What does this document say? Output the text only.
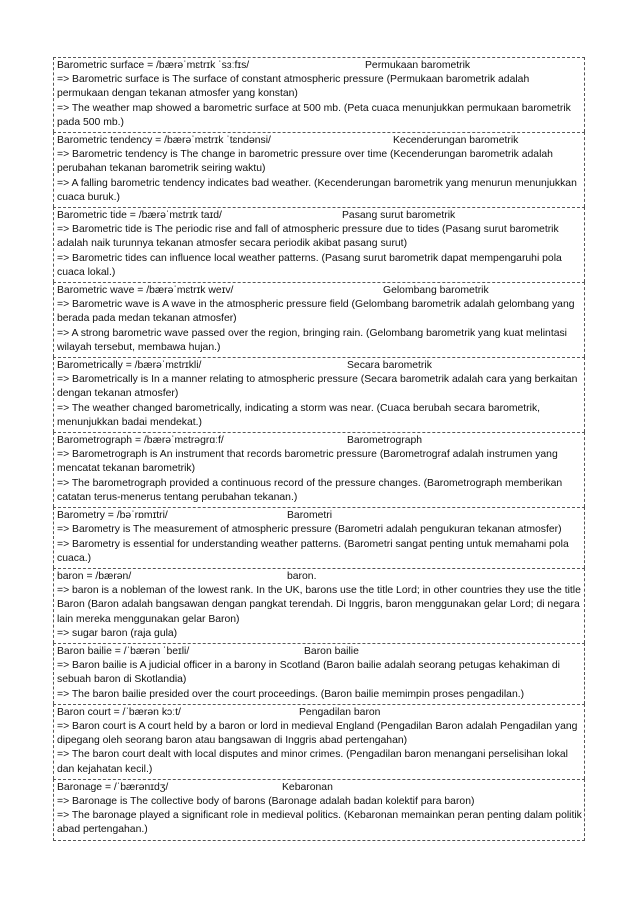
Barometric surface = /bærəˈmɛtrɪk ˈsɜːfɪs/	Permukaan barometrik
=> Barometric surface is The surface of constant atmospheric pressure (Permukaan barometrik adalah permukaan dengan tekanan atmosfer yang konstan)
=> The weather map showed a barometric surface at 500 mb. (Peta cuaca menunjukkan permukaan barometrik pada 500 mb.)
Barometric tendency = /bærəˈmɛtrɪk ˈtɛndənsi/	Kecenderungan barometrik
=> Barometric tendency is The change in barometric pressure over time (Kecenderungan barometrik adalah perubahan tekanan barometrik seiring waktu)
=> A falling barometric tendency indicates bad weather. (Kecenderungan barometrik yang menurun menunjukkan cuaca buruk.)
Barometric tide = /bærəˈmɛtrɪk taɪd/	Pasang surut barometrik
=> Barometric tide is The periodic rise and fall of atmospheric pressure due to tides (Pasang surut barometrik adalah naik turunnya tekanan atmosfer secara periodik akibat pasang surut)
=> Barometric tides can influence local weather patterns. (Pasang surut barometrik dapat mempengaruhi pola cuaca lokal.)
Barometric wave = /bærəˈmɛtrɪk weɪv/	Gelombang barometrik
=> Barometric wave is A wave in the atmospheric pressure field (Gelombang barometrik adalah gelombang yang berada pada medan tekanan atmosfer)
=> A strong barometric wave passed over the region, bringing rain. (Gelombang barometrik yang kuat melintasi wilayah tersebut, membawa hujan.)
Barometrically = /bærəˈmɛtrɪkli/	Secara barometrik
=> Barometrically is In a manner relating to atmospheric pressure (Secara barometrik adalah cara yang berkaitan dengan tekanan atmosfer)
=> The weather changed barometrically, indicating a storm was near. (Cuaca berubah secara barometrik, menunjukkan badai mendekat.)
Barometrograph = /bærəˈmɛtrəgrɑːf/	Barometrograph
=> Barometrograph is An instrument that records barometric pressure (Barometrograf adalah instrumen yang mencatat tekanan barometrik)
=> The barometrograph provided a continuous record of the pressure changes. (Barometrograph memberikan catatan terus-menerus tentang perubahan tekanan.)
Barometry = /bəˈrɒmɪtri/	Barometri
=> Barometry is The measurement of atmospheric pressure (Barometri adalah pengukuran tekanan atmosfer)
=> Barometry is essential for understanding weather patterns. (Barometri sangat penting untuk memahami pola cuaca.)
baron = /bærən/	baron.
=> baron is a nobleman of the lowest rank. In the UK, barons use the title Lord; in other countries they use the title Baron (Baron adalah bangsawan dengan pangkat terendah. Di Inggris, baron menggunakan gelar Lord; di negara lain mereka menggunakan gelar Baron)
=> sugar baron (raja gula)
Baron bailie = /ˈbærən ˈbeɪli/	Baron bailie
=> Baron bailie is A judicial officer in a barony in Scotland (Baron bailie adalah seorang petugas kehakiman di sebuah baron di Skotlandia)
=> The baron bailie presided over the court proceedings. (Baron bailie memimpin proses pengadilan.)
Baron court = /ˈbærən kɔːt/	Pengadilan baron
=> Baron court is A court held by a baron or lord in medieval England (Pengadilan Baron adalah Pengadilan yang dipegang oleh seorang baron atau bangsawan di Inggris abad pertengahan)
=> The baron court dealt with local disputes and minor crimes. (Pengadilan baron menangani perselisihan lokal dan kejahatan kecil.)
Baronage = /ˈbærənɪdʒ/	Kebaronan
=> Baronage is The collective body of barons (Baronage adalah badan kolektif para baron)
=> The baronage played a significant role in medieval politics. (Kebaronan memainkan peran penting dalam politik abad pertengahan.)
